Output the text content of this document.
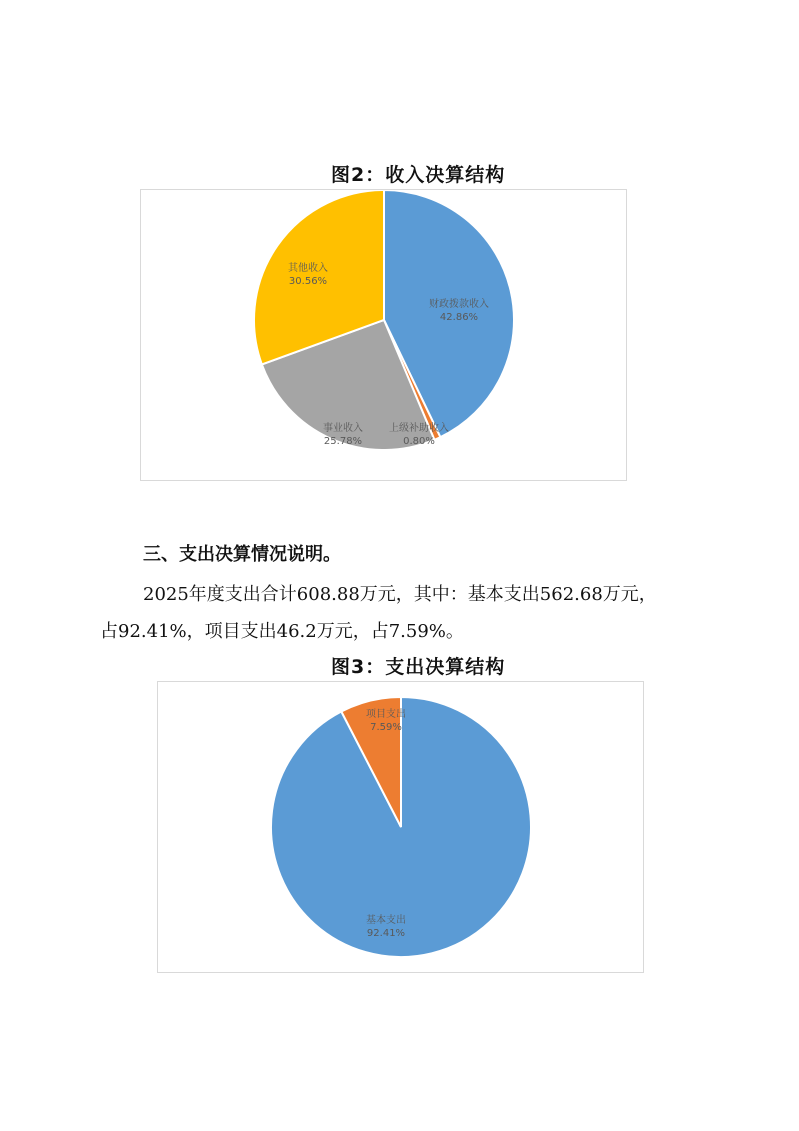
图2：收入决算结构
财政拨款收入
42.86%
上级补助收入
0.80%
事业收入
25.78%
其他收入
30.56%
三、支出决算情况说明。
2025年度支出合计608.88万元，其中：基本支出562.68万元，
占92.41%，项目支出46.2万元，占7.59%。
图3：支出决算结构
基本支出
92.41%
项目支出
7.59%
